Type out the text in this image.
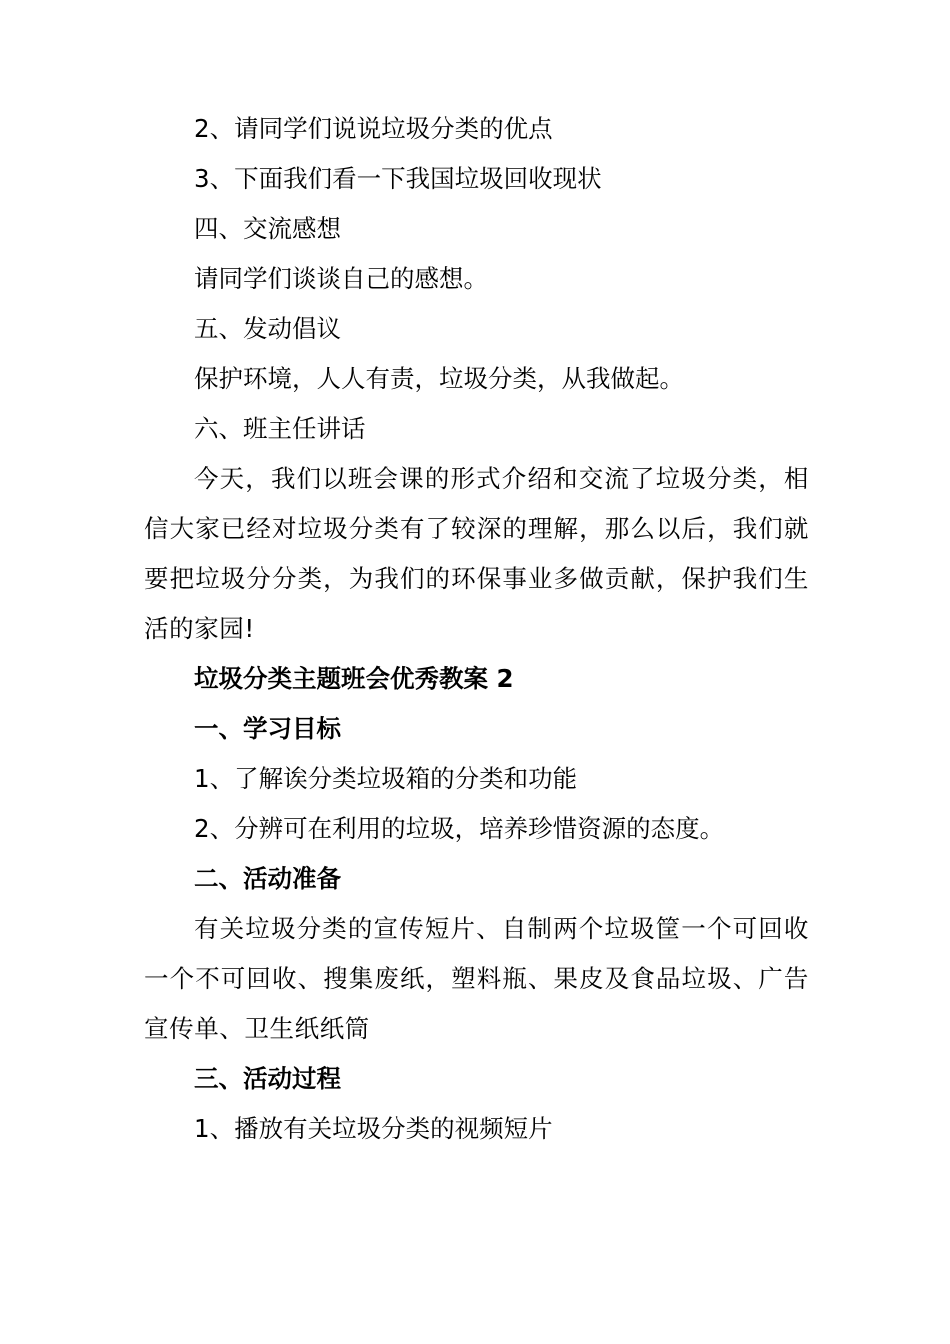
2、请同学们说说垃圾分类的优点
3、下面我们看一下我国垃圾回收现状
四、交流感想
请同学们谈谈自己的感想。
五、发动倡议
保护环境，人人有责，垃圾分类，从我做起。
六、班主任讲话
今天，我们以班会课的形式介绍和交流了垃圾分类，相信大家已经对垃圾分类有了较深的理解，那么以后，我们就要把垃圾分分类，为我们的环保事业多做贡献，保护我们生活的家园!
垃圾分类主题班会优秀教案 2
一、学习目标
1、了解诶分类垃圾箱的分类和功能
2、分辨可在利用的垃圾，培养珍惜资源的态度。
二、活动准备
有关垃圾分类的宣传短片、自制两个垃圾筐一个可回收一个不可回收、搜集废纸，塑料瓶、果皮及食品垃圾、广告宣传单、卫生纸纸筒
三、活动过程
1、播放有关垃圾分类的视频短片
